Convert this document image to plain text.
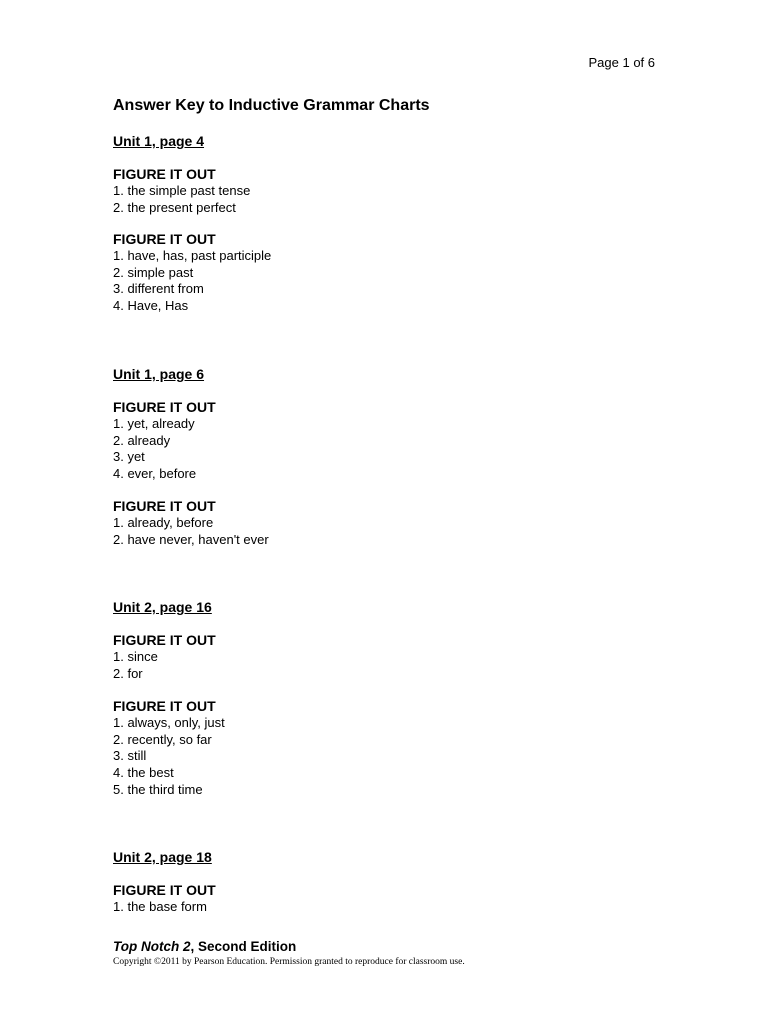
Page 1 of 6
Answer Key to Inductive Grammar Charts
Unit 1, page 4
FIGURE IT OUT
1. the simple past tense
2. the present perfect
FIGURE IT OUT
1. have, has, past participle
2. simple past
3. different from
4. Have, Has
Unit 1, page 6
FIGURE IT OUT
1. yet, already
2. already
3. yet
4. ever, before
FIGURE IT OUT
1. already, before
2. have never, haven't ever
Unit 2, page 16
FIGURE IT OUT
1. since
2. for
FIGURE IT OUT
1. always, only, just
2. recently, so far
3. still
4. the best
5. the third time
Unit 2, page 18
FIGURE IT OUT
1. the base form
Top Notch 2, Second Edition
Copyright ©2011 by Pearson Education. Permission granted to reproduce for classroom use.
